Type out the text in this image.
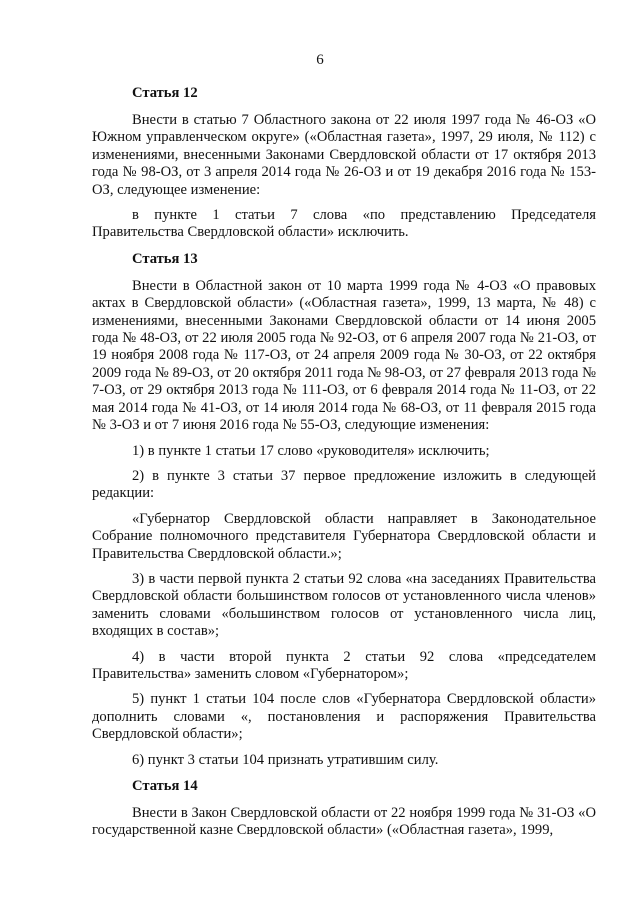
6
Статья 12

Внести в статью 7 Областного закона от 22 июля 1997 года № 46-ОЗ «О Южном управленческом округе» («Областная газета», 1997, 29 июля, № 112) с изменениями, внесенными Законами Свердловской области от 17 октября 2013 года № 98-ОЗ, от 3 апреля 2014 года № 26-ОЗ и от 19 декабря 2016 года № 153-ОЗ, следующее изменение:

в пункте 1 статьи 7 слова «по представлению Председателя Правительства Свердловской области» исключить.

Статья 13

Внести в Областной закон от 10 марта 1999 года № 4-ОЗ «О правовых актах в Свердловской области» («Областная газета», 1999, 13 марта, № 48) с изменениями, внесенными Законами Свердловской области от 14 июня 2005 года № 48-ОЗ, от 22 июля 2005 года № 92-ОЗ, от 6 апреля 2007 года № 21-ОЗ, от 19 ноября 2008 года № 117-ОЗ, от 24 апреля 2009 года № 30-ОЗ, от 22 октября 2009 года № 89-ОЗ, от 20 октября 2011 года № 98-ОЗ, от 27 февраля 2013 года № 7-ОЗ, от 29 октября 2013 года № 111-ОЗ, от 6 февраля 2014 года № 11-ОЗ, от 22 мая 2014 года № 41-ОЗ, от 14 июля 2014 года № 68-ОЗ, от 11 февраля 2015 года № 3-ОЗ и от 7 июня 2016 года № 55-ОЗ, следующие изменения:

1) в пункте 1 статьи 17 слово «руководителя» исключить;

2) в пункте 3 статьи 37 первое предложение изложить в следующей редакции:

«Губернатор Свердловской области направляет в Законодательное Собрание полномочного представителя Губернатора Свердловской области и Правительства Свердловской области.»;

3) в части первой пункта 2 статьи 92 слова «на заседаниях Правительства Свердловской области большинством голосов от установленного числа членов» заменить словами «большинством голосов от установленного числа лиц, входящих в состав»;

4) в части второй пункта 2 статьи 92 слова «председателем Правительства» заменить словом «Губернатором»;

5) пункт 1 статьи 104 после слов «Губернатора Свердловской области» дополнить словами «, постановления и распоряжения Правительства Свердловской области»;

6) пункт 3 статьи 104 признать утратившим силу.

Статья 14

Внести в Закон Свердловской области от 22 ноября 1999 года № 31-ОЗ «О государственной казне Свердловской области» («Областная газета», 1999,
